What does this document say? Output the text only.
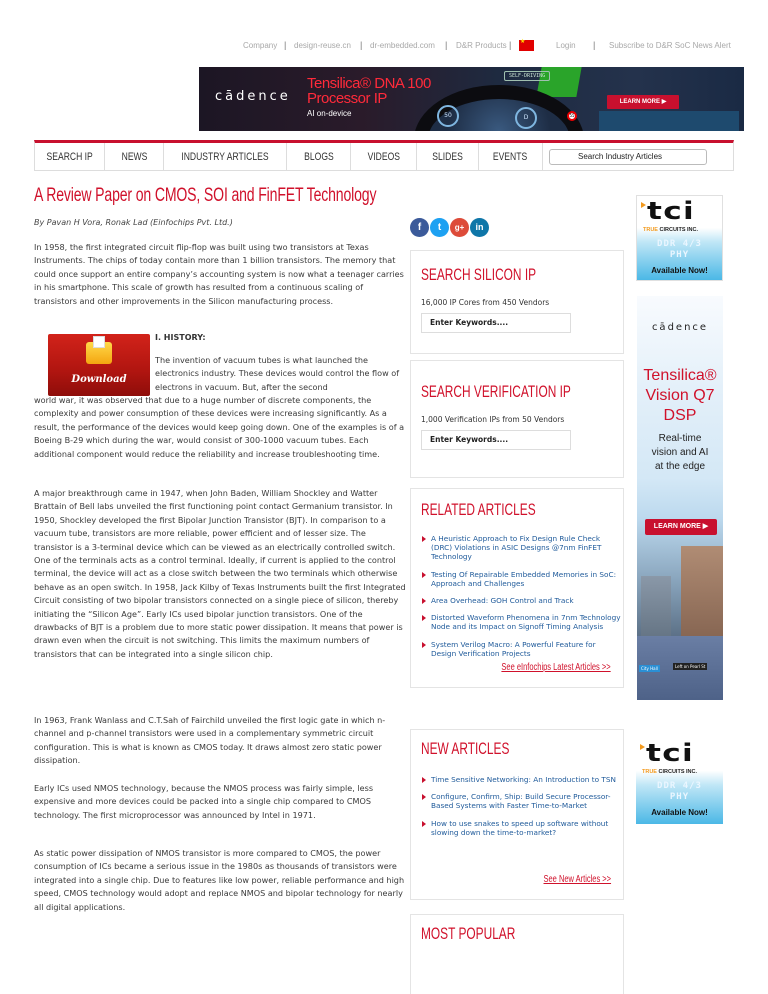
Company | design-reuse.cn | dr-embedded.com | D&R Products | ★	Login | Subscribe to D&R SoC News Alert
50	D
SELF-DRIVING
55
cādence
Tensilica® DNA 100
Processor IP
AI on-device
LEARN MORE ▶
SEARCH IP	NEWS	INDUSTRY ARTICLES	BLOGS	VIDEOS	SLIDES	EVENTS	Search Industry Articles
A Review Paper on CMOS, SOI and FinFET Technology
By Pavan H Vora, Ronak Lad (Einfochips Pvt. Ltd.)	f	t	g+	in
In 1958, the first integrated circuit flip-flop was built using two transistors at Texas Instruments. The chips of today contain more than 1 billion transistors. The memory that could once support an entire company’s accounting system is now what a teenager carries in his smartphone. This scale of growth has resulted from a continuous scaling of transistors and other improvements in the Silicon manufacturing process.
Download
I. HISTORY:
The invention of vacuum tubes is what launched the electronics industry. These devices would control the flow of electrons in vacuum. But, after the second
world war, it was observed that due to a huge number of discrete components, the complexity and power consumption of these devices were increasing significantly. As a result, the performance of the devices would keep going down. One of the examples is of a Boeing B-29 which during the war, would consist of 300-1000 vacuum tubes. Each additional component would reduce the reliability and increase troubleshooting time.
A major breakthrough came in 1947, when John Baden, William Shockley and Watter Brattain of Bell labs unveiled the first functioning point contact Germanium transistor. In 1950, Shockley developed the first Bipolar Junction Transistor (BJT). In comparison to a vacuum tube, transistors are more reliable, power efficient and of lesser size. The transistor is a 3-terminal device which can be viewed as an electrically controlled switch. One of the terminals acts as a control terminal. Ideally, if current is applied to the control terminal, the device will act as a close switch between the two terminals which otherwise behave as an open switch. In 1958, Jack Kilby of Texas Instruments built the first Integrated Circuit consisting of two bipolar transistors connected on a single piece of silicon, thereby initiating the “Silicon Age”. Early ICs used bipolar junction transistors. One of the drawbacks of BJT is a problem due to more static power dissipation. It means that power is drawn even when the circuit is not switching. This limits the maximum numbers of transistors that can be integrated into a single silicon chip.
In 1963, Frank Wanlass and C.T.Sah of Fairchild unveiled the first logic gate in which n-channel and p-channel transistors were used in a complementary symmetric circuit configuration. This is what is known as CMOS today. It draws almost zero static power dissipation.
Early ICs used NMOS technology, because the NMOS process was fairly simple, less expensive and more devices could be packed into a single chip compared to CMOS technology. The first microprocessor was announced by Intel in 1971.
As static power dissipation of NMOS transistor is more compared to CMOS, the power consumption of ICs became a serious issue in the 1980s as thousands of transistors were integrated into a single chip. Due to features like low power, reliable performance and high speed, CMOS technology would adopt and replace NMOS and bipolar technology for nearly all digital applications.
SEARCH SILICON IP
16,000 IP Cores from 450 Vendors
Enter Keywords....
SEARCH VERIFICATION IP
1,000 Verification IPs from 50 Vendors
Enter Keywords....
RELATED ARTICLES
A Heuristic Approach to Fix Design Rule Check (DRC) Violations in ASIC Designs @7nm FinFET Technology
Testing Of Repairable Embedded Memories in SoC: Approach and Challenges
Area Overhead: GOH Control and Track
Distorted Waveform Phenomena in 7nm Technology Node and its Impact on Signoff Timing Analysis
System Verilog Macro: A Powerful Feature for Design Verification Projects
See eInfochips Latest Articles >>
NEW ARTICLES
Time Sensitive Networking: An Introduction to TSN
Configure, Confirm, Ship: Build Secure Processor-Based Systems with Faster Time-to-Market
How to use snakes to speed up software without slowing down the time-to-market?
See New Articles >>
MOST POPULAR
tci
TRUE CIRCUITS INC.
DDR 4/3
PHY
Available Now!
City Hall	Left on Pearl St
cādence
Tensilica®
Vision Q7
DSP
Real-time
vision and AI
at the edge
LEARN MORE ▶
tci
TRUE CIRCUITS INC.
DDR 4/3
PHY
Available Now!
